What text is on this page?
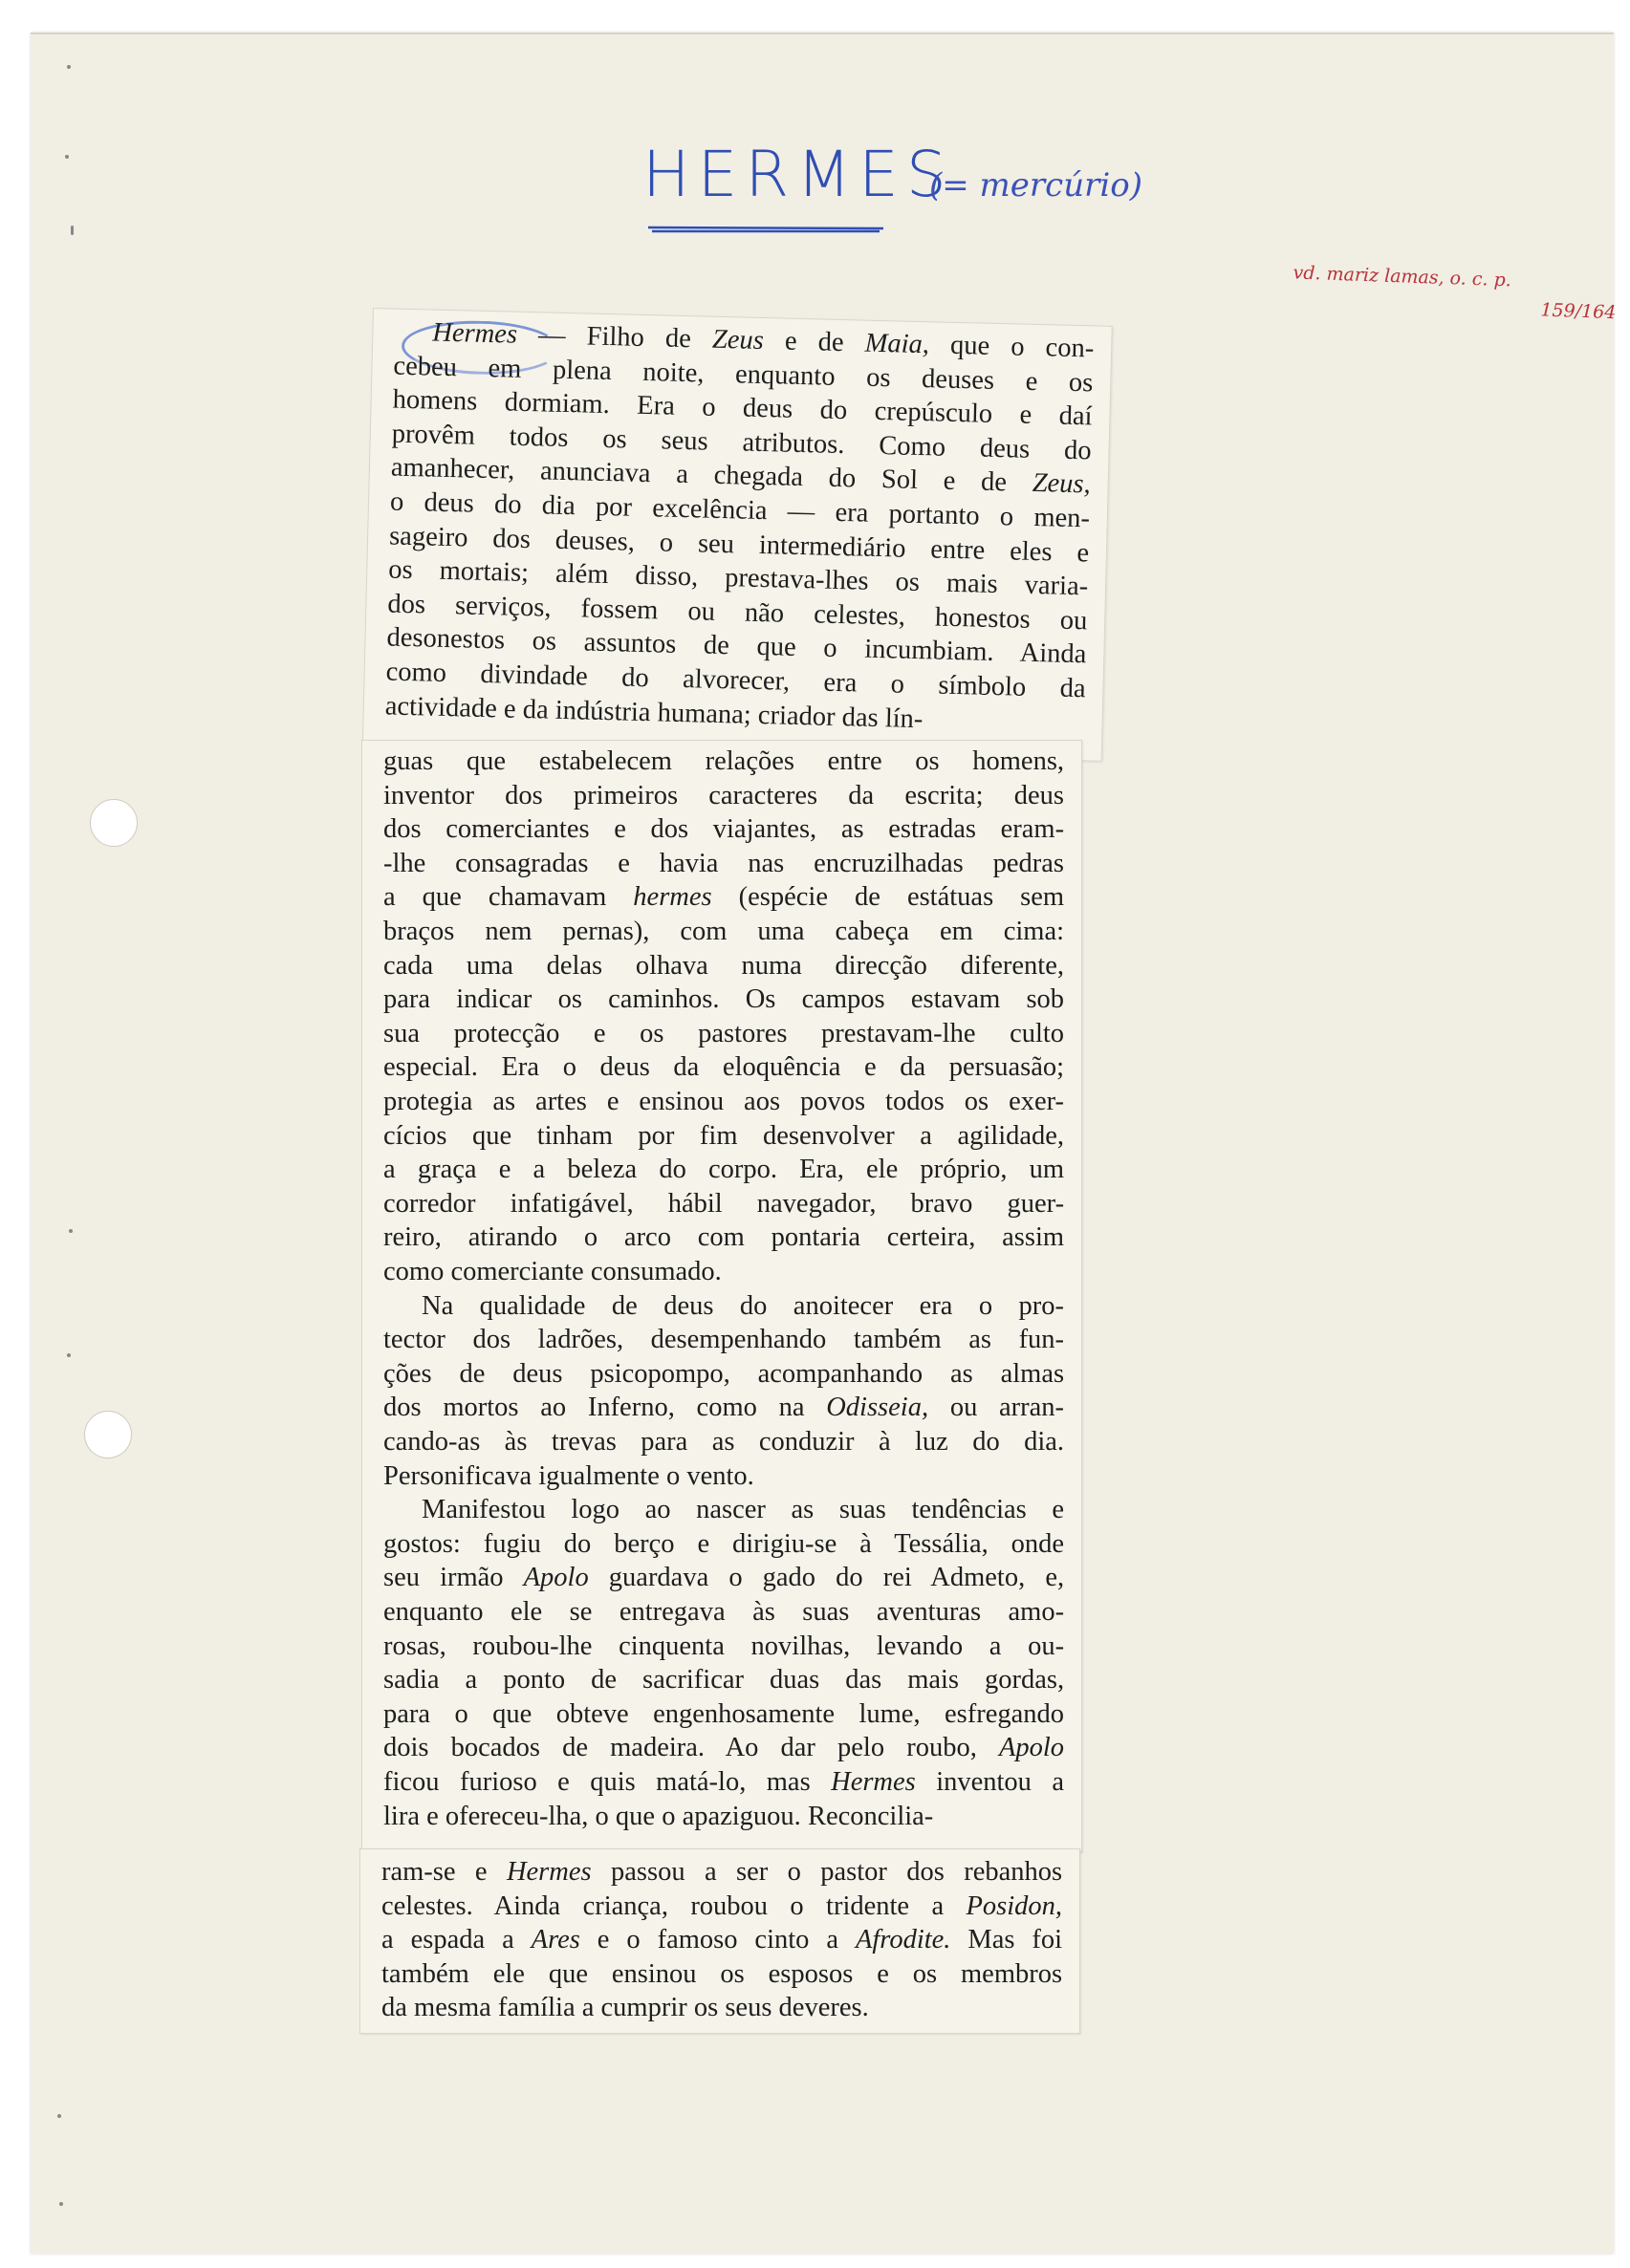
HERMES
(= mercúrio)
vd. mariz lamas, o. c. p.
159/164
Hermes — Filho de Zeus e de Maia, que o con-
cebeu em plena noite, enquanto os deuses e os
homens dormiam. Era o deus do crepúsculo e daí
provêm todos os seus atributos. Como deus do
amanhecer, anunciava a chegada do Sol e de Zeus,
o deus do dia por excelência — era portanto o men-
sageiro dos deuses, o seu intermediário entre eles e
os mortais; além disso, prestava-lhes os mais varia-
dos serviços, fossem ou não celestes, honestos ou
desonestos os assuntos de que o incumbiam. Ainda
como divindade do alvorecer, era o símbolo da
actividade e da indústria humana; criador das lín-
guas que estabelecem relações entre os homens,
inventor dos primeiros caracteres da escrita; deus
dos comerciantes e dos viajantes, as estradas eram-
-lhe consagradas e havia nas encruzilhadas pedras
a que chamavam hermes (espécie de estátuas sem
braços nem pernas), com uma cabeça em cima:
cada uma delas olhava numa direcção diferente,
para indicar os caminhos. Os campos estavam sob
sua protecção e os pastores prestavam-lhe culto
especial. Era o deus da eloquência e da persuasão;
protegia as artes e ensinou aos povos todos os exer-
cícios que tinham por fim desenvolver a agilidade,
a graça e a beleza do corpo. Era, ele próprio, um
corredor infatigável, hábil navegador, bravo guer-
reiro, atirando o arco com pontaria certeira, assim
como comerciante consumado.
Na qualidade de deus do anoitecer era o pro-
tector dos ladrões, desempenhando também as fun-
ções de deus psicopompo, acompanhando as almas
dos mortos ao Inferno, como na Odisseia, ou arran-
cando-as às trevas para as conduzir à luz do dia.
Personificava igualmente o vento.
Manifestou logo ao nascer as suas tendências e
gostos: fugiu do berço e dirigiu-se à Tessália, onde
seu irmão Apolo guardava o gado do rei Admeto, e,
enquanto ele se entregava às suas aventuras amo-
rosas, roubou-lhe cinquenta novilhas, levando a ou-
sadia a ponto de sacrificar duas das mais gordas,
para o que obteve engenhosamente lume, esfregando
dois bocados de madeira. Ao dar pelo roubo, Apolo
ficou furioso e quis matá-lo, mas Hermes inventou a
lira e ofereceu-lha, o que o apaziguou. Reconcilia-
ram-se e Hermes passou a ser o pastor dos rebanhos
celestes. Ainda criança, roubou o tridente a Posidon,
a espada a Ares e o famoso cinto a Afrodite. Mas foi
também ele que ensinou os esposos e os membros
da mesma família a cumprir os seus deveres.
